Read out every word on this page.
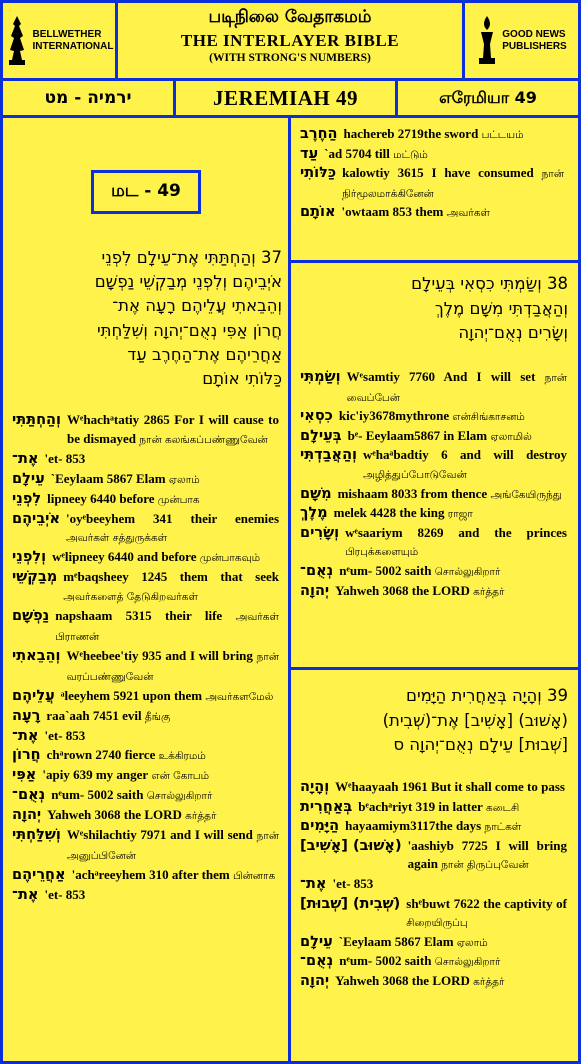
BELLWETHER
INTERNATIONAL
படிநிலை வேதாகமம்
THE INTERLAYER BIBLE
(WITH STRONG'S NUMBERS)
GOOD NEWS
PUBLISHERS
ירמיה - מט	JEREMIAH 49	எரேமியா 49
மட - 49
37 וְהַחְתַּתִּי אֶת־עֵילָם לִפְנֵי
אֹיְבֵיהֶם וְלִפְנֵי מְבַקְשֵׁי נַפְשָׁם
וְהֵבֵאתִי עֲלֵיהֶם רָעָה אֶת־
חֲרוֹן אַפִּי נְאֻם־יְהוָה וְשִׁלַּחְתִּי
אַחֲרֵיהֶם אֶת־הַחֶרֶב עַד
כַּלּוֹתִי אוֹתָם
וְהַחְתַּתִּי Wᵉhachᵃtatiy 2865 For I will cause to be dismayed நான் கலங்கப்பண்ணுவேன்
אֶת־ 'et- 853
עֵילָם `Eeylaam 5867 Elam ஏலாம்
לִפְנֵי lipneey 6440 before முன்பாக
אֹיְבֵיהֶם 'oyᵉbeeyhem 341 their enemies அவர்கள் சத்துருக்கள்
וְלִפְנֵי wᵉlipneey 6440 and before முன்பாகவும்
מְבַקְשֵׁי mᵉbaqsheey 1245 them that seek அவர்களைத் தேடுகிறவர்கள்
נַפְשָׁם napshaam 5315 their life அவர்கள் பிராணன்
וְהֵבֵאתִי Wᵉheebee'tiy 935 and I will bring நான் வரப்பண்ணுவேன்
עֲלֵיהֶם ᵃleeyhem 5921 upon them அவர்களமேல்
רָעָה raa`aah 7451 evil தீங்கு
אֶת־ 'et- 853
חֲרוֹן chᵃrown 2740 fierce உக்கிரமம்
אַפִּי 'apiy 639 my anger என் கோபம்
נְאֻם־ nᵉum- 5002 saith சொல்லுகிறார்
יְהוָה Yahweh 3068 the LORD கர்த்தர்
וְשִׁלַּחְתִּי Wᵉshilachtiy 7971 and I will send நான் அனுப்பினேன்
אַחֲרֵיהֶם 'achᵃreeyhem 310 after them பின்னாக
אֶת־ 'et- 853
הַחֶרֶב hachereb 2719the sword பட்டயம்
עַד `ad 5704 till மட்டும்
כַּלּוֹתִי kalowtiy 3615 I have consumed நான் நிர்மூலமாக்கினேன்
אוֹתָם 'owtaam 853 them அவர்கள்
38 וְשַׂמְתִּי כִסְאִי בְּעֵילָם
וְהַאֲבַדְתִּי מִשָּׁם מֶלֶךְ
וְשָׂרִים נְאֻם־יְהוָה
וְשַׂמְתִּי Wᵉsamtiy 7760 And I will set நான் வைப்பேன்
כִסְאִי kic'iy3678mythrone என்சிங்காசனம்
בְּעֵילָם bᵉ- Eeylaam5867 in Elam ஏலாமில்
וְהַאֲבַדְתִּי wᵉhaᵃbadtiy 6 and will destroy அழித்துப்போடுவேன்
מִשָּׁם mishaam 8033 from thence அங்கேயிருந்து
מֶלֶךְ melek 4428 the king ராஜா
וְשָׂרִים wᵉsaariym 8269 and the princes பிரபுக்களையும்
נְאֻם־ nᵉum- 5002 saith சொல்லுகிறார்
יְהוָה Yahweh 3068 the LORD கர்த்தர்
39 וְהָיָה בְּאַחֲרִית הַיָּמִים
(אָשׁוּב) [אָשִׁיב] אֶת־(שְׁבִית)
[שְׁבוּת] עֵילָם נְאֻם־יְהוָה ס
וְהָיָה Wᵉhaayaah 1961 But it shall come to pass
בְּאַחֲרִית bᵉachᵃriyt 319 in latter கடைசி
הַיָּמִים hayaamiym3117the days நாட்கள்
(אָשׁוּב) [אָשִׁיב] 'aashiyb 7725 I will bring again நான் திருப்புவேன்
אֶת־ 'et- 853
(שְׁבִית) [שְׁבוּת] shᵉbuwt 7622 the captivity of சிறையிருப்பு
עֵילָם `Eeylaam 5867 Elam ஏலாம்
נְאֻם־ nᵉum- 5002 saith சொல்லுகிறார்
יְהוָה Yahweh 3068 the LORD கர்த்தர்
